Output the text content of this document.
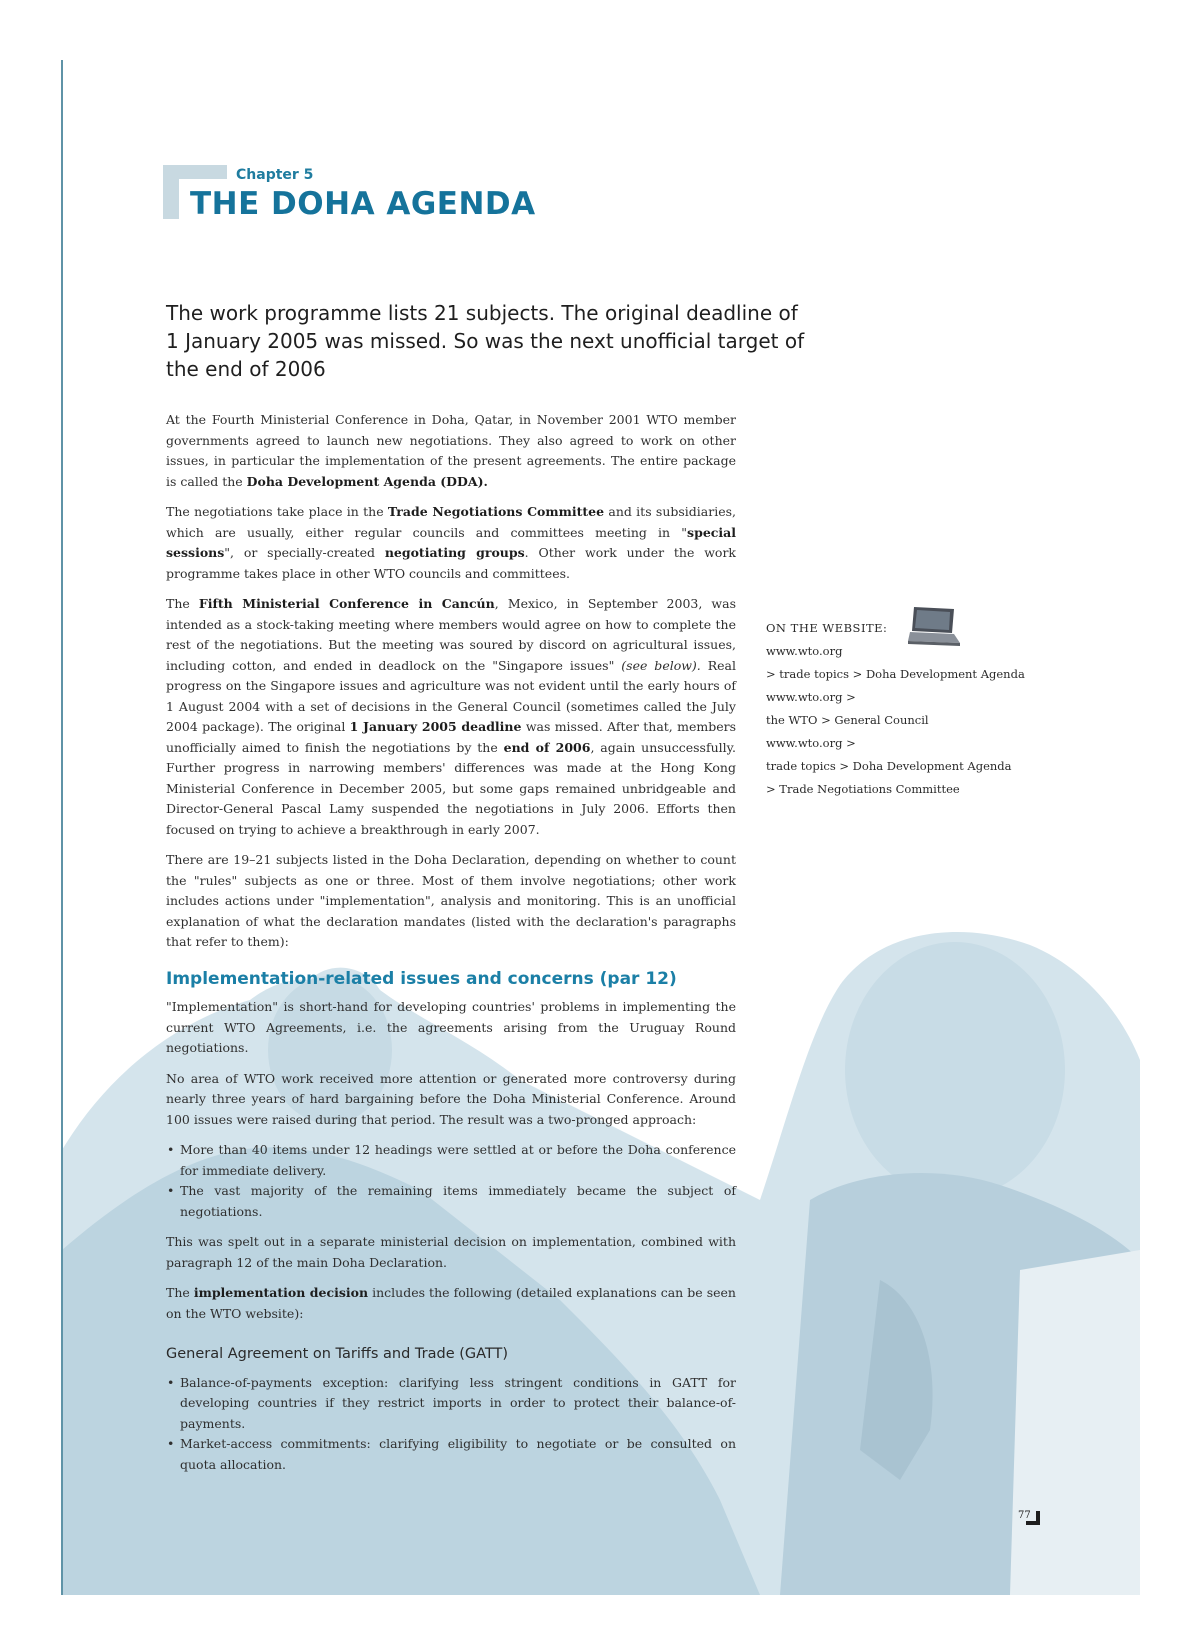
Chapter 5
THE DOHA AGENDA
The work programme lists 21 subjects. The original deadline of 1 January 2005 was missed. So was the next unofficial target of the end of 2006

At the Fourth Ministerial Conference in Doha, Qatar, in November 2001 WTO member governments agreed to launch new negotiations. They also agreed to work on other issues, in particular the implementation of the present agreements. The entire package is called the Doha Development Agenda (DDA).

The negotiations take place in the Trade Negotiations Committee and its subsidiaries, which are usually, either regular councils and committees meeting in "special sessions", or specially-created negotiating groups. Other work under the work programme takes place in other WTO councils and committees.

The Fifth Ministerial Conference in Cancún, Mexico, in September 2003, was intended as a stock-taking meeting where members would agree on how to complete the rest of the negotiations. But the meeting was soured by discord on agricultural issues, including cotton, and ended in deadlock on the "Singapore issues" (see below). Real progress on the Singapore issues and agriculture was not evident until the early hours of 1 August 2004 with a set of decisions in the General Council (sometimes called the July 2004 package). The original 1 January 2005 deadline was missed. After that, members unofficially aimed to finish the negotiations by the end of 2006, again unsuccessfully. Further progress in narrowing members' differences was made at the Hong Kong Ministerial Conference in December 2005, but some gaps remained unbridgeable and Director-General Pascal Lamy suspended the negotiations in July 2006. Efforts then focused on trying to achieve a breakthrough in early 2007.

There are 19–21 subjects listed in the Doha Declaration, depending on whether to count the "rules" subjects as one or three. Most of them involve negotiations; other work includes actions under "implementation", analysis and monitoring. This is an unofficial explanation of what the declaration mandates (listed with the declaration's paragraphs that refer to them):

Implementation-related issues and concerns (par 12)

"Implementation" is short-hand for developing countries' problems in implementing the current WTO Agreements, i.e. the agreements arising from the Uruguay Round negotiations.

No area of WTO work received more attention or generated more controversy during nearly three years of hard bargaining before the Doha Ministerial Conference. Around 100 issues were raised during that period. The result was a two-pronged approach:

• More than 40 items under 12 headings were settled at or before the Doha conference for immediate delivery.
• The vast majority of the remaining items immediately became the subject of negotiations.

This was spelt out in a separate ministerial decision on implementation, combined with paragraph 12 of the main Doha Declaration.

The implementation decision includes the following (detailed explanations can be seen on the WTO website):

General Agreement on Tariffs and Trade (GATT)
• Balance-of-payments exception: clarifying less stringent conditions in GATT for developing countries if they restrict imports in order to protect their balance-of-payments.
• Market-access commitments: clarifying eligibility to negotiate or be consulted on quota allocation.
ON THE WEBSITE:
www.wto.org
> trade topics > Doha Development Agenda
www.wto.org >
the WTO > General Council
www.wto.org >
trade topics > Doha Development Agenda
> Trade Negotiations Committee
77
